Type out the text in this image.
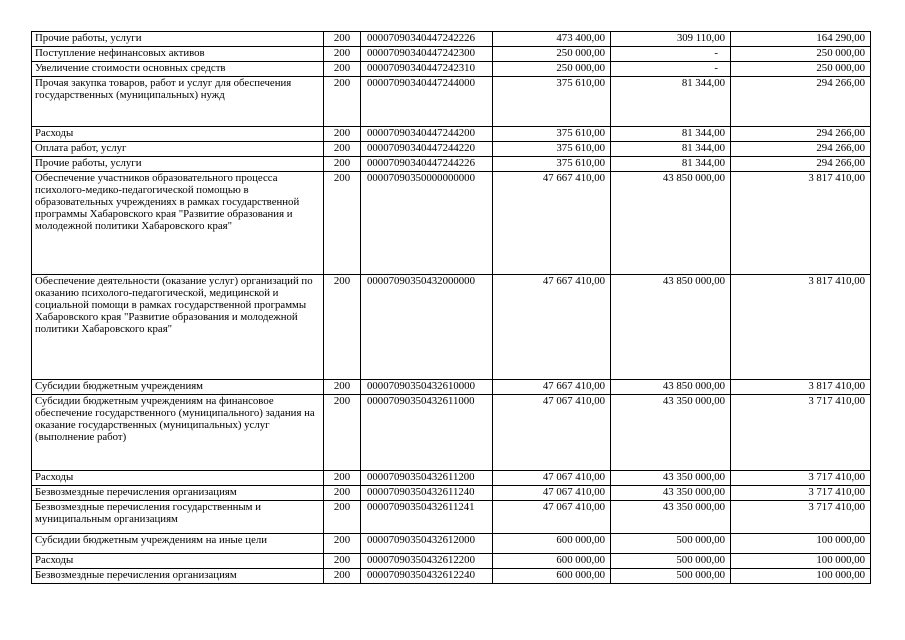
Прочие работы, услуги	200	00007090340447242226	473 400,00	309 110,00	164 290,00
Поступление нефинансовых активов	200	00007090340447242300	250 000,00	-	250 000,00
Увеличение стоимости основных средств	200	00007090340447242310	250 000,00	-	250 000,00
Прочая закупка товаров, работ и услуг для обеспечения государственных (муниципальных) нужд	200	00007090340447244000	375 610,00	81 344,00	294 266,00
Расходы	200	00007090340447244200	375 610,00	81 344,00	294 266,00
Оплата работ, услуг	200	00007090340447244220	375 610,00	81 344,00	294 266,00
Прочие работы, услуги	200	00007090340447244226	375 610,00	81 344,00	294 266,00
Обеспечение участников образовательного процесса психолого-медико-педагогической помощью в образовательных учреждениях в рамках государственной программы Хабаровского края "Развитие образования и молодежной политики Хабаровского края"	200	00007090350000000000	47 667 410,00	43 850 000,00	3 817 410,00
Обеспечение деятельности (оказание услуг) организаций по оказанию психолого-педагогической, медицинской и социальной помощи в рамках государственной программы Хабаровского края "Развитие образования и молодежной политики Хабаровского края"	200	00007090350432000000	47 667 410,00	43 850 000,00	3 817 410,00
Субсидии бюджетным учреждениям	200	00007090350432610000	47 667 410,00	43 850 000,00	3 817 410,00
Субсидии бюджетным учреждениям на финансовое обеспечение государственного (муниципального) задания на оказание государственных (муниципальных) услуг (выполнение работ)	200	00007090350432611000	47 067 410,00	43 350 000,00	3 717 410,00
Расходы	200	00007090350432611200	47 067 410,00	43 350 000,00	3 717 410,00
Безвозмездные перечисления организациям	200	00007090350432611240	47 067 410,00	43 350 000,00	3 717 410,00
Безвозмездные перечисления государственным и муниципальным организациям	200	00007090350432611241	47 067 410,00	43 350 000,00	3 717 410,00
Субсидии бюджетным учреждениям на иные цели	200	00007090350432612000	600 000,00	500 000,00	100 000,00
Расходы	200	00007090350432612200	600 000,00	500 000,00	100 000,00
Безвозмездные перечисления организациям	200	00007090350432612240	600 000,00	500 000,00	100 000,00
